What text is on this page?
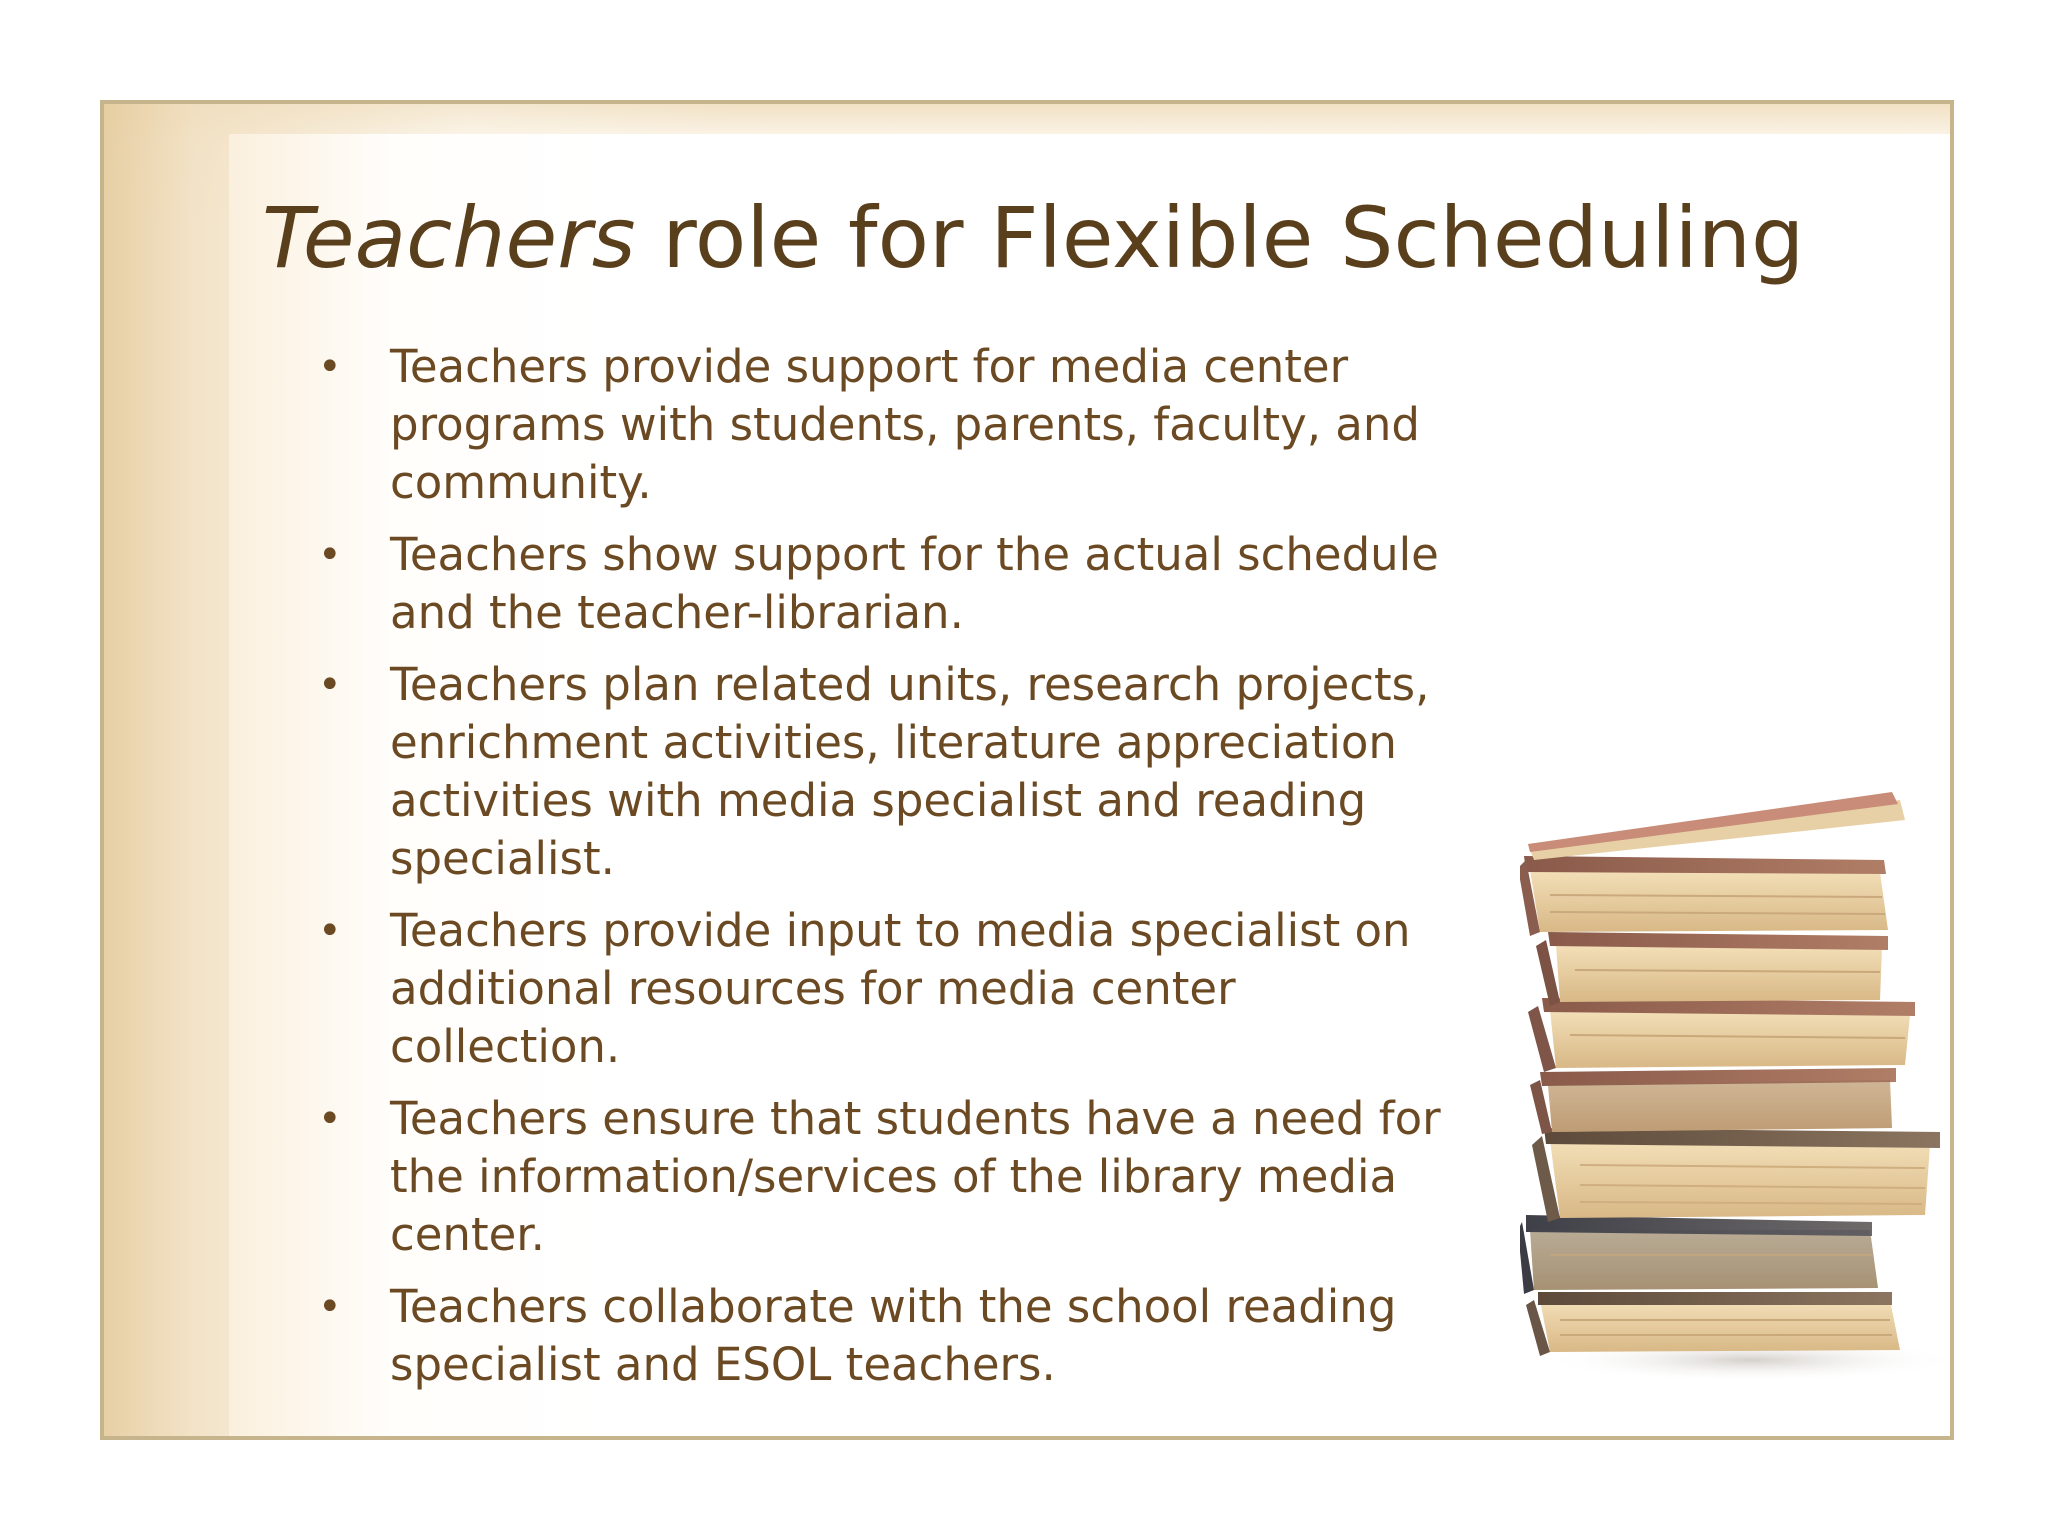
Teachers role for Flexible Scheduling
• Teachers provide support for media center programs with students, parents, faculty, and community.
• Teachers show support for the actual schedule and the teacher-librarian.
• Teachers plan related units, research projects, enrichment activities, literature appreciation activities with media specialist and reading specialist.
• Teachers provide input to media specialist on additional resources for media center collection.
• Teachers ensure that students have a need for the information/services of the library media center.
• Teachers collaborate with the school reading specialist and ESOL teachers.
